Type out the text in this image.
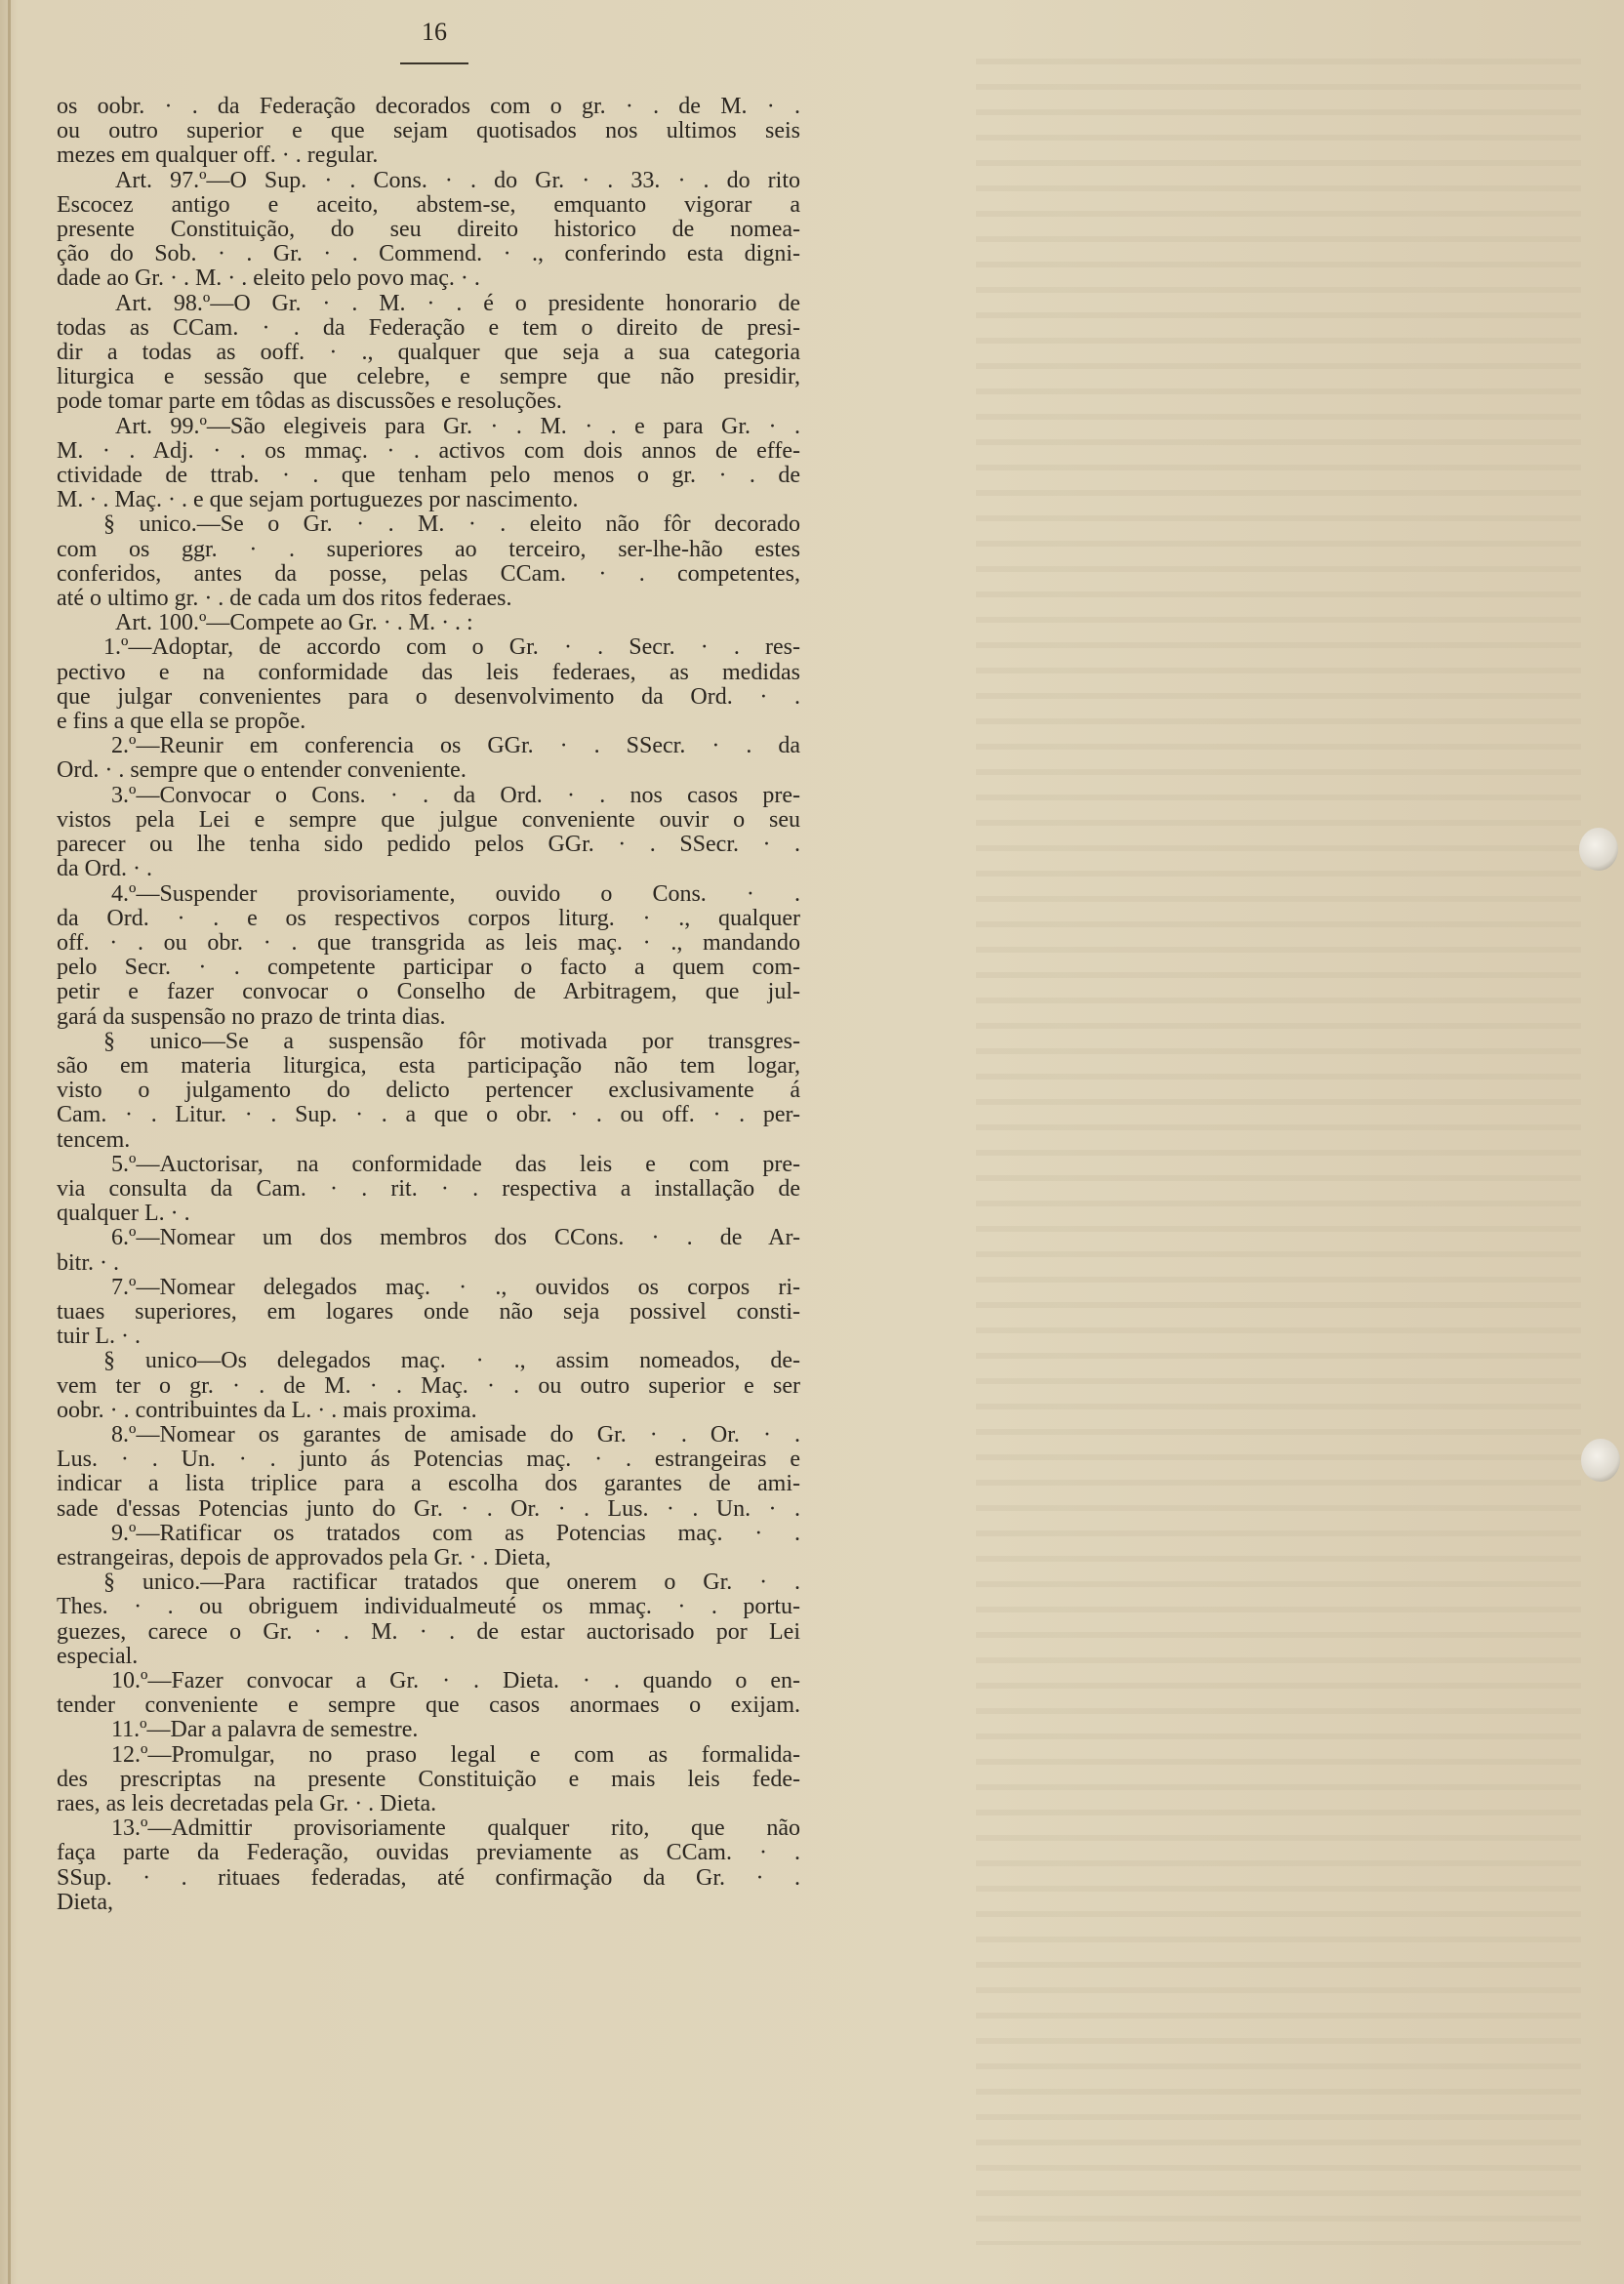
16
os oobr. · . da Federação decorados com o gr. · . de M. · .
ou outro superior e que sejam quotisados nos ultimos seis
mezes em qualquer off. · . regular.
Art. 97.º—O Sup. · . Cons. · . do Gr. · . 33. · . do rito
Escocez antigo e aceito, abstem-se, emquanto vigorar a
presente Constituição, do seu direito historico de nomea-
ção do Sob. · . Gr. · . Commend. · ., conferindo esta digni-
dade ao Gr. · . M. · . eleito pelo povo maç. · .
Art. 98.º—O Gr. · . M. · . é o presidente honorario de
todas as CCam. · . da Federação e tem o direito de presi-
dir a todas as ooff. · ., qualquer que seja a sua categoria
liturgica e sessão que celebre, e sempre que não presidir,
pode tomar parte em tôdas as discussões e resoluções.
Art. 99.º—São elegiveis para Gr. · . M. · . e para Gr. · .
M. · . Adj. · . os mmaç. · . activos com dois annos de effe-
ctividade de ttrab. · . que tenham pelo menos o gr. · . de
M. · . Maç. · . e que sejam portuguezes por nascimento.
§ unico.—Se o Gr. · . M. · . eleito não fôr decorado
com os ggr. · . superiores ao terceiro, ser-lhe-hão estes
conferidos, antes da posse, pelas CCam. · . competentes,
até o ultimo gr. · . de cada um dos ritos federaes.
Art. 100.º—Compete ao Gr. · . M. · . :
1.º—Adoptar, de accordo com o Gr. · . Secr. · . res-
pectivo e na conformidade das leis federaes, as medidas
que julgar convenientes para o desenvolvimento da Ord. · .
e fins a que ella se propõe.
2.º—Reunir em conferencia os GGr. · . SSecr. · . da
Ord. · . sempre que o entender conveniente.
3.º—Convocar o Cons. · . da Ord. · . nos casos pre-
vistos pela Lei e sempre que julgue conveniente ouvir o seu
parecer ou lhe tenha sido pedido pelos GGr. · . SSecr. · .
da Ord. · .
4.º—Suspender provisoriamente, ouvido o Cons. · .
da Ord. · . e os respectivos corpos liturg. · ., qualquer
off. · . ou obr. · . que transgrida as leis maç. · ., mandando
pelo Secr. · . competente participar o facto a quem com-
petir e fazer convocar o Conselho de Arbitragem, que jul-
gará da suspensão no prazo de trinta dias.
§ unico—Se a suspensão fôr motivada por transgres-
são em materia liturgica, esta participação não tem logar,
visto o julgamento do delicto pertencer exclusivamente á
Cam. · . Litur. · . Sup. · . a que o obr. · . ou off. · . per-
tencem.
5.º—Auctorisar, na conformidade das leis e com pre-
via consulta da Cam. · . rit. · . respectiva a installação de
qualquer L. · .
6.º—Nomear um dos membros dos CCons. · . de Ar-
bitr. · .
7.º—Nomear delegados maç. · ., ouvidos os corpos ri-
tuaes superiores, em logares onde não seja possivel consti-
tuir L. · .
§ unico—Os delegados maç. · ., assim nomeados, de-
vem ter o gr. · . de M. · . Maç. · . ou outro superior e ser
oobr. · . contribuintes da L. · . mais proxima.
8.º—Nomear os garantes de amisade do Gr. · . Or. · .
Lus. · . Un. · . junto ás Potencias maç. · . estrangeiras e
indicar a lista triplice para a escolha dos garantes de ami-
sade d'essas Potencias junto do Gr. · . Or. · . Lus. · . Un. · .
9.º—Ratificar os tratados com as Potencias maç. · .
estrangeiras, depois de approvados pela Gr. · . Dieta,
§ unico.—Para ractificar tratados que onerem o Gr. · .
Thes. · . ou obriguem individualmeuté os mmaç. · . portu-
guezes, carece o Gr. · . M. · . de estar auctorisado por Lei
especial.
10.º—Fazer convocar a Gr. · . Dieta. · . quando o en-
tender conveniente e sempre que casos anormaes o exijam.
11.º—Dar a palavra de semestre.
12.º—Promulgar, no praso legal e com as formalida-
des prescriptas na presente Constituição e mais leis fede-
raes, as leis decretadas pela Gr. · . Dieta.
13.º—Admittir provisoriamente qualquer rito, que não
faça parte da Federação, ouvidas previamente as CCam. · .
SSup. · . rituaes federadas, até confirmação da Gr. · .
Dieta,
